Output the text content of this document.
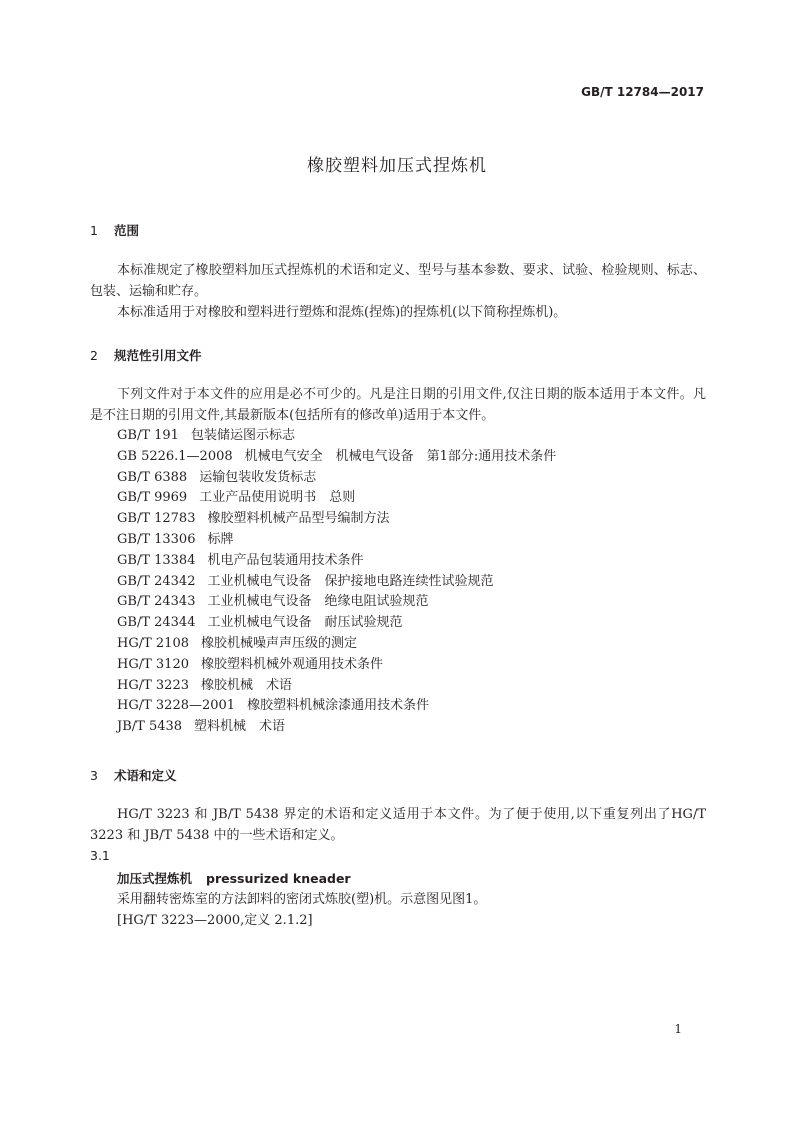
GB/T 12784—2017
橡胶塑料加压式捏炼机
1 范围
本标准规定了橡胶塑料加压式捏炼机的术语和定义、型号与基本参数、要求、试验、检验规则、标志、包装、运输和贮存。
本标准适用于对橡胶和塑料进行塑炼和混炼(捏炼)的捏炼机(以下简称捏炼机)。
2 规范性引用文件
下列文件对于本文件的应用是必不可少的。凡是注日期的引用文件,仅注日期的版本适用于本文件。凡是不注日期的引用文件,其最新版本(包括所有的修改单)适用于本文件。
GB/T 191 包装储运图示标志
GB 5226.1—2008 机械电气安全　机械电气设备　第1部分:通用技术条件
GB/T 6388 运输包装收发货标志
GB/T 9969 工业产品使用说明书　总则
GB/T 12783 橡胶塑料机械产品型号编制方法
GB/T 13306 标牌
GB/T 13384 机电产品包装通用技术条件
GB/T 24342 工业机械电气设备　保护接地电路连续性试验规范
GB/T 24343 工业机械电气设备　绝缘电阻试验规范
GB/T 24344 工业机械电气设备　耐压试验规范
HG/T 2108 橡胶机械噪声声压级的测定
HG/T 3120 橡胶塑料机械外观通用技术条件
HG/T 3223 橡胶机械　术语
HG/T 3228—2001 橡胶塑料机械涂漆通用技术条件
JB/T 5438 塑料机械　术语
3 术语和定义
HG/T 3223 和 JB/T 5438 界定的术语和定义适用于本文件。为了便于使用,以下重复列出了HG/T 3223 和 JB/T 5438 中的一些术语和定义。
3.1
加压式捏炼机 pressurized kneader
采用翻转密炼室的方法卸料的密闭式炼胶(塑)机。示意图见图1。
[HG/T 3223—2000,定义 2.1.2]
1
